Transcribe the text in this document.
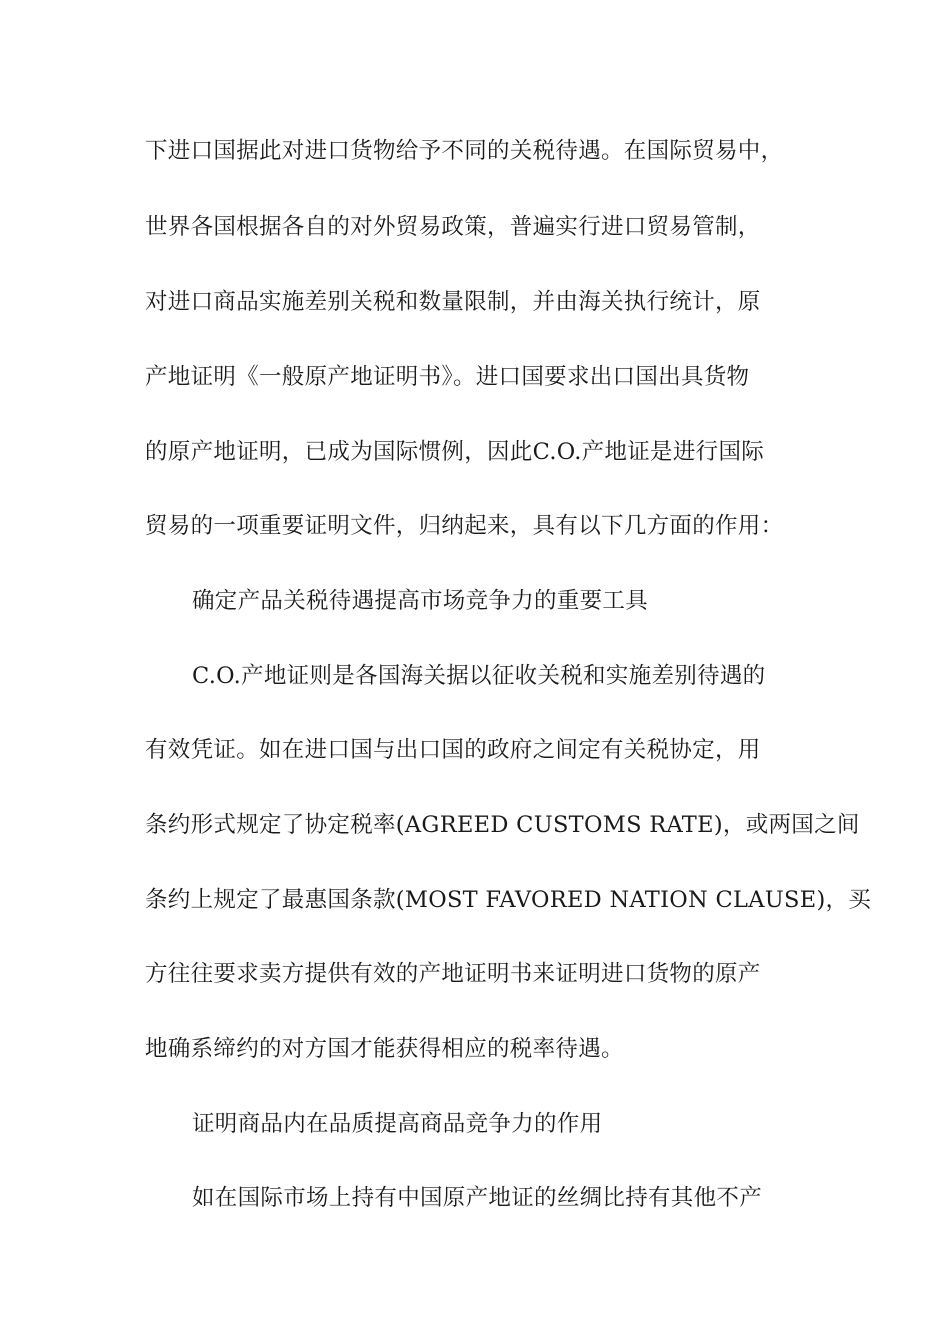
下进口国据此对进口货物给予不同的关税待遇。在国际贸易中，
世界各国根据各自的对外贸易政策，普遍实行进口贸易管制，
对进口商品实施差别关税和数量限制，并由海关执行统计，原
产地证明《一般原产地证明书》。进口国要求出口国出具货物
的原产地证明，已成为国际惯例，因此C.O.产地证是进行国际
贸易的一项重要证明文件，归纳起来，具有以下几方面的作用：
确定产品关税待遇提高市场竞争力的重要工具
C.O.产地证则是各国海关据以征收关税和实施差别待遇的
有效凭证。如在进口国与出口国的政府之间定有关税协定，用
条约形式规定了协定税率(AGREED CUSTOMS RATE)，或两国之间
条约上规定了最惠国条款(MOST FAVORED NATION CLAUSE)，买
方往往要求卖方提供有效的产地证明书来证明进口货物的原产
地确系缔约的对方国才能获得相应的税率待遇。
证明商品内在品质提高商品竞争力的作用
如在国际市场上持有中国原产地证的丝绸比持有其他不产
